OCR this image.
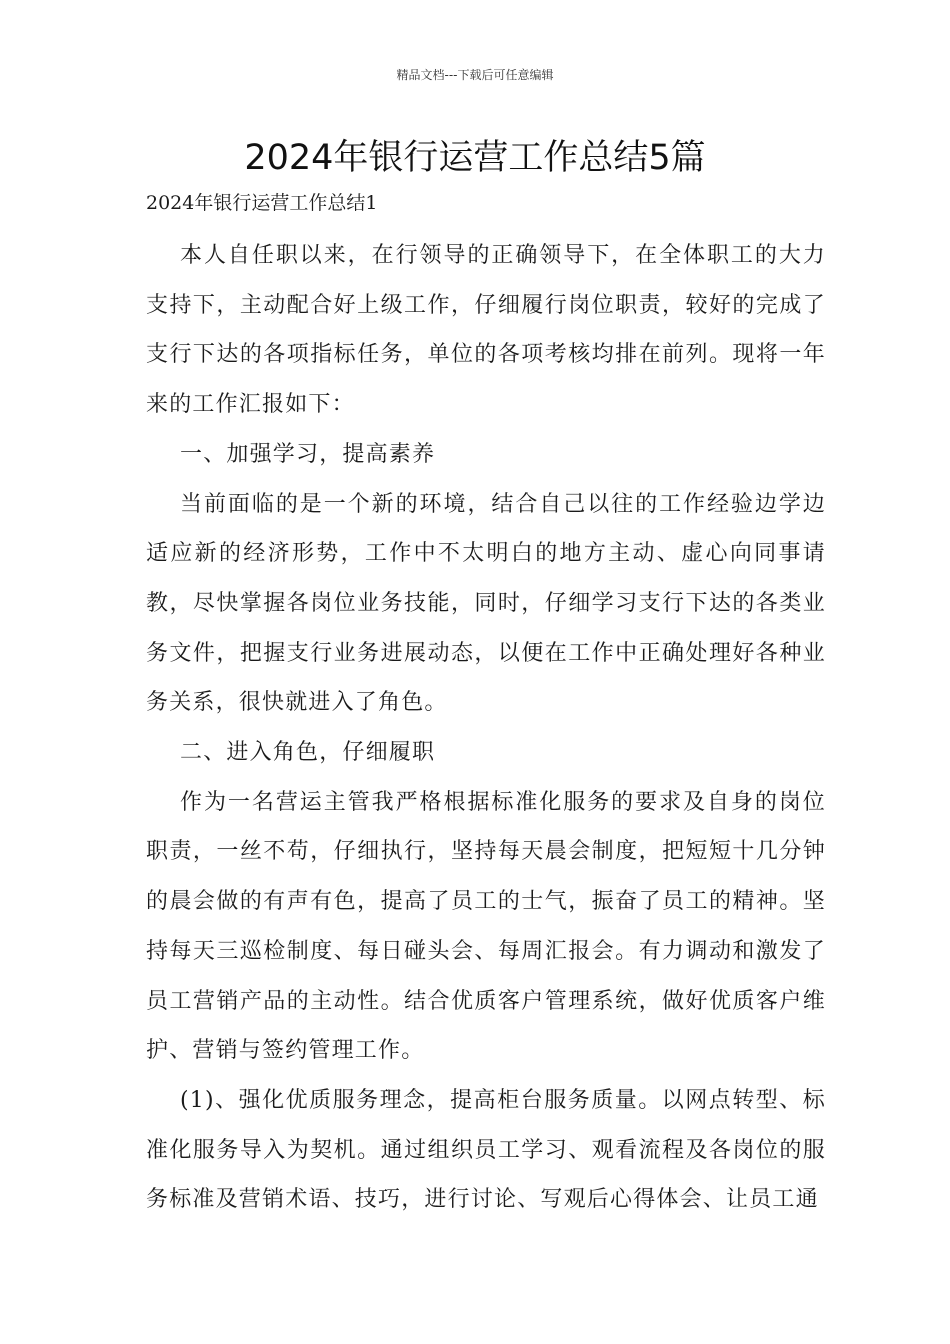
精品文档---下载后可任意编辑
2024年银行运营工作总结5篇
2024年银行运营工作总结1

本人自任职以来，在行领导的正确领导下，在全体职工的大力支持下，主动配合好上级工作，仔细履行岗位职责，较好的完成了支行下达的各项指标任务，单位的各项考核均排在前列。现将一年来的工作汇报如下：

一、加强学习，提高素养

当前面临的是一个新的环境，结合自己以往的工作经验边学边适应新的经济形势，工作中不太明白的地方主动、虚心向同事请教，尽快掌握各岗位业务技能，同时，仔细学习支行下达的各类业务文件，把握支行业务进展动态，以便在工作中正确处理好各种业务关系，很快就进入了角色。

二、进入角色，仔细履职

作为一名营运主管我严格根据标准化服务的要求及自身的岗位职责，一丝不苟，仔细执行，坚持每天晨会制度，把短短十几分钟的晨会做的有声有色，提高了员工的士气，振奋了员工的精神。坚持每天三巡检制度、每日碰头会、每周汇报会。有力调动和激发了员工营销产品的主动性。结合优质客户管理系统，做好优质客户维护、营销与签约管理工作。

(1)、强化优质服务理念，提高柜台服务质量。以网点转型、标准化服务导入为契机。通过组织员工学习、观看流程及各岗位的服务标准及营销术语、技巧，进行讨论、写观后心得体会、让员工通
